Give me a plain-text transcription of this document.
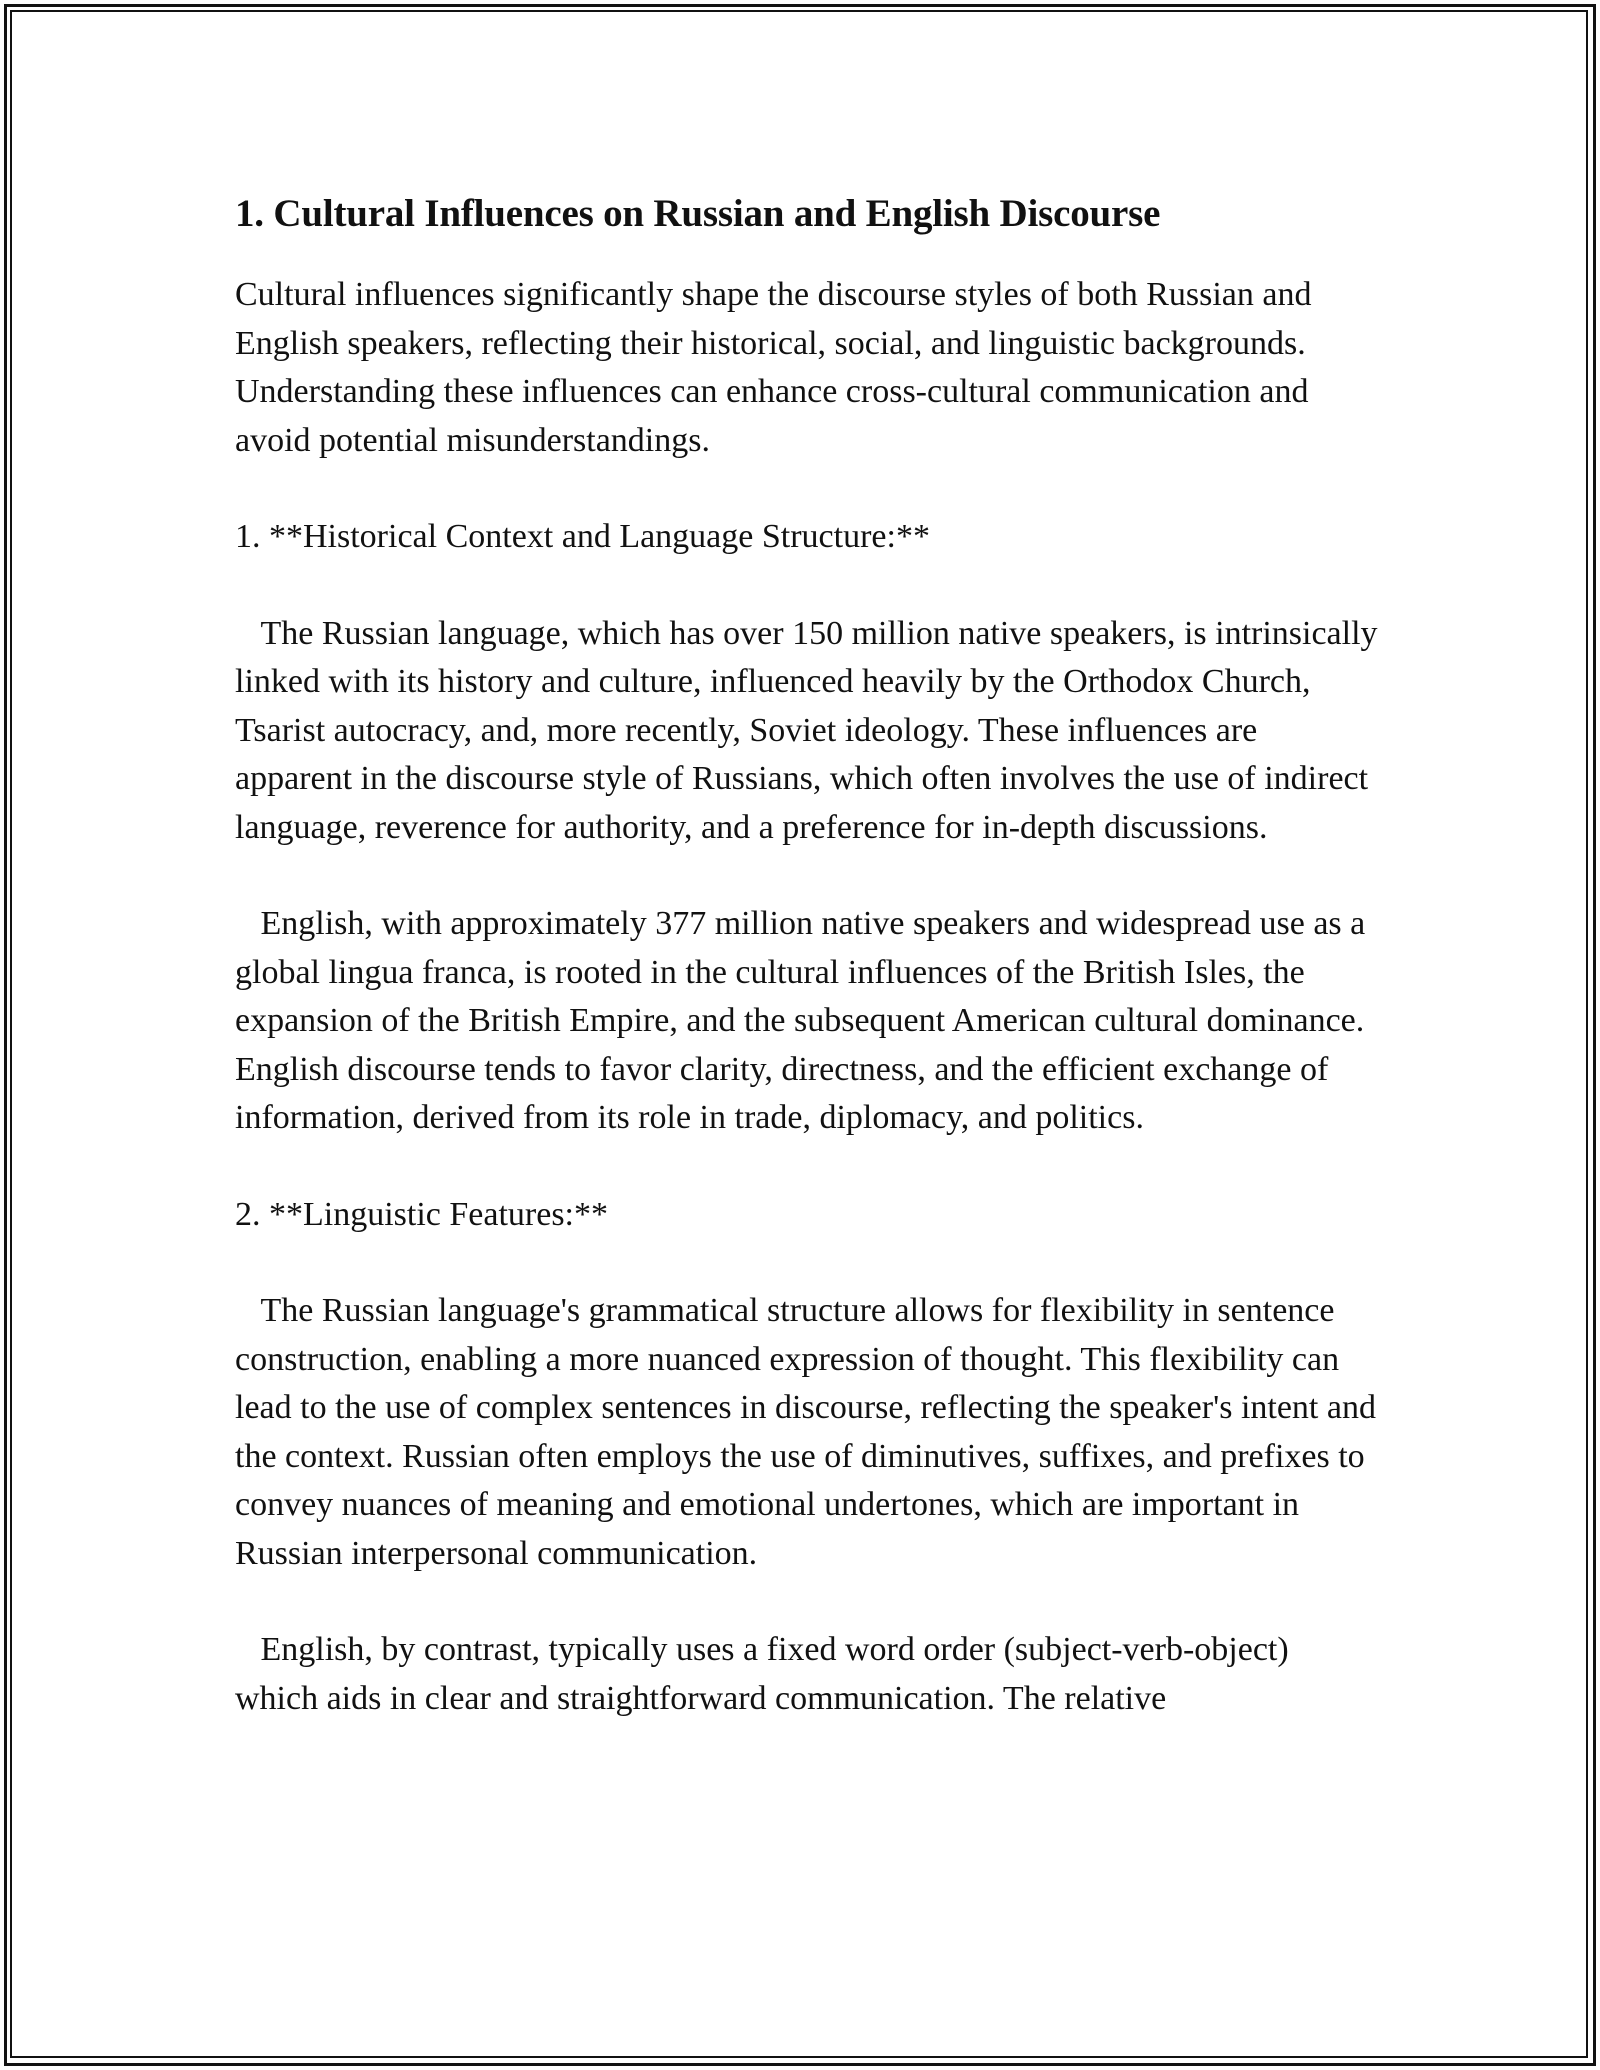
1. Cultural Influences on Russian and English Discourse

Cultural influences significantly shape the discourse styles of both Russian and English speakers, reflecting their historical, social, and linguistic backgrounds. Understanding these influences can enhance cross-cultural communication and avoid potential misunderstandings.

1. **Historical Context and Language Structure:**

The Russian language, which has over 150 million native speakers, is intrinsically linked with its history and culture, influenced heavily by the Orthodox Church, Tsarist autocracy, and, more recently, Soviet ideology. These influences are apparent in the discourse style of Russians, which often involves the use of indirect language, reverence for authority, and a preference for in-depth discussions.

English, with approximately 377 million native speakers and widespread use as a global lingua franca, is rooted in the cultural influences of the British Isles, the expansion of the British Empire, and the subsequent American cultural dominance. English discourse tends to favor clarity, directness, and the efficient exchange of information, derived from its role in trade, diplomacy, and politics.

2. **Linguistic Features:**

The Russian language's grammatical structure allows for flexibility in sentence construction, enabling a more nuanced expression of thought. This flexibility can lead to the use of complex sentences in discourse, reflecting the speaker's intent and the context. Russian often employs the use of diminutives, suffixes, and prefixes to convey nuances of meaning and emotional undertones, which are important in Russian interpersonal communication.

English, by contrast, typically uses a fixed word order (subject-verb-object) which aids in clear and straightforward communication. The relative
